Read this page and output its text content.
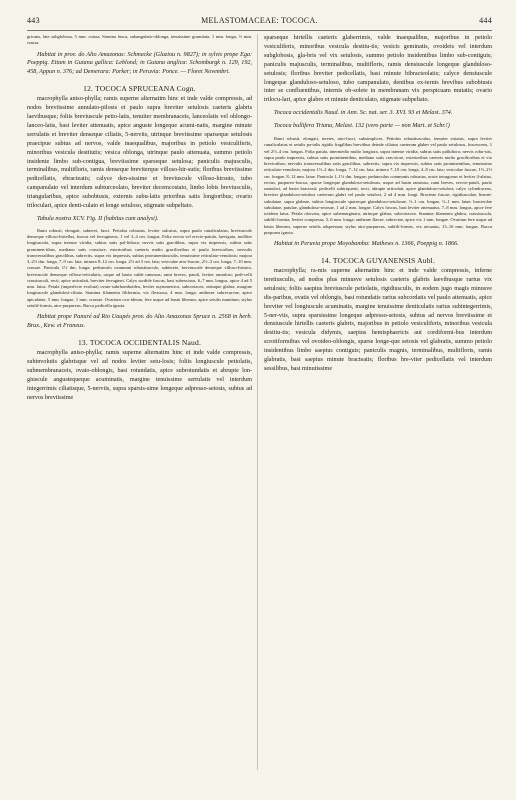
443	MELASTOMACEAE: TOCOCA.	444

gricans, late subglobosa, 5 mm. crassa. Semina fusca, subangulato-oblonga, tenuissime granulata, 1 mm. longa, ⅓ mm. crassa.

Habitat in prov. do Alto Amazonas: Schmecke (Glaziou n. 9827); in sylvis prope Ega: Poeppig. Etiam in Guiana gallica: Leblond; in Guiana anglica: Schomburgk n. 129, 192, 458, Appun n. 376; ad Demerara: Parker; in Peruvia: Ponce. — Floret Novembri.

12. TOCOCA SPRUCEANA Cogn.

macrophylla aniso-phylla; ramis superne alternatim hinc et inde valde compressis, ad nodos breviissime annulato-pilosis et paulo supra breviter setulosis caeteris glabris laevibusque; foliis breviuscule petio-latis, tenuiter membranaceis, lanceolatis vel oblongo-lanceo-latis, basi leviter attenuatis, apice anguste longeque acumi-natis, margine minute serrulatis et breviter denseque ciliatis, 5-nerviis, utrinque breviissime sparseque setulosis praecipue subtus ad nervos, valde inaequalibus, majoribus in petiolo vesiculiferis, minoribus vesicula destitutis; vesica oblonga, utrinque paulo attenuata, summo petiolo insidente limbo sub-contigua, breviissime sparseque setulosa; paniculis majusculis, terminalibus, multifloris, ramis denseque breviterque villoso-hir-sutis; floribus breviissime pedicellatis, ebracteatis; calyce den-sissime et breviuscule villoso-hirsuto, tubo campanulato vel interdum subturceolato, breviter decemcostato, limbo lobis breviusculis, triangularibus, apice subobtusis, externis subu-latis prioribus satis longioribus; ovario triloculari, apice denti-culato et longe setuloso, stigmate subpeltato.

Tabula nostra XCV. Fig. II (habitus cum analysi).

Rami robusti, elongati, subterei, fusci. Petiolus robustus, leviter sulcatus, supra paulo canaliculatus, breviuscule denseque villoso-hirtellus, fuscus vel ferrugineus, 1 vel 3–4 cm. longus. Folia erecta vel erecto-patula, laevigata, molliter longiuscula, supra intense viridia, subtus satis pal-lidiora; nervis satis gracilibus, supra vix impressis, subtus satis prominen-tibus, mediano satis crassiore, exterioribus caeteris multo gracilioribus et paulo brevioribus; nervulis transversalibus gracilibus, subrectis, supra vix impressis, subtus prominentiusculis, tenuissime reticulato-venulosis; majora 3–2½ dm. longa, 7–9 cm. lata, minora 8–12 cm. longa, 2½ ad 3 cm. lata; vesiculae atro-fuscae, 2½–3 cm. longa, 7–10 mm. crassae. Panicula 1½ dm. longa; pedunculo communi robustiusculo, subterete, breviuscule denseque villoso-hirsuto, breviuscule denseque villoso-reticulatis, usque ad basin valde ramosus; rami breves, patuli, leviter ramulosi; pedi-celli crassiusculi, recti, apice articulati, breviter ferruginei. Calyx sordide fuscus, basi subexcisus, 6–7 mm. longus, apice 4 ad 5 mm. latus. Petala (imperfecte evoluta) ovato-subrhomboidea, leviter asymmetrica, subcoriacea, utrinque glabra, margine longiuscule glandulosi-ciliata. Stamina filamenta filiformia, vix flexuosa, 4 mm. longa; antherae subrecurvae, apice apiculatae, 5 mm. longae, 1 mm. crassae. Ovarium ovo-ideum, fere usque ad basin liberum, apice setulis munitum; stylus setulif-formis, atro-purpureus. Bacca pedicella ignota.

Habitat prope Panuré ad Rio Uaupés prov. do Alto Amazonas Spruce n. 2568 in herb. Brux., Kew. et Franeus.

13. TOCOCA OCCIDENTALIS Naud.

macrophylla aniso-phylla; ramis superne alternatim hinc et inde valde compressis, subinvolutis glabrisque vel ad nodos leviter setu-losis; foliis longiuscule petiolatis, submembranaceis, ovato-oblongis, basi rotundatis, apice subrotundatis et abrupte lon-giuscule angustequeque acuminatis, margine tenuissime serrulatis vel interdum integerrimis ciliatisque, 5-nerviis, supra sparsis-sime longeque adpresso-setosis, subtus ad nervos breviissime

sparseque hirtellis caeteris glaberrimis, valde inaequalibus, majoribus in petiolo vesiculiferis, minoribus vesicula destitu-tis; vesicis geminatis, ovoideis vel interdum subglobosis, gla-bris vel vix setulosis, summo petiolo insidentibus limbo sub-contiguis; paniculis majusculis, terminalibus, multifloris, ramis densiuscule longeque glanduloso-setulosis; floribus breviter pedicellatis, basi minute bibracteolatis; calyce densiuscule longeque glanduloso-setuloso, tubo campanulato, dentibus ex-ternis brevibus subobtusis inter se confluentibus, internis ob-solete in membranam vix perspicuam mutatis; ovario trilocu-lari, apice glabro et minute denticulato, stigmate subpeltato.

Tococa occidentalis Naud. in Ann. Sc. nat. ser. 3. XVI. 93 et Melast. 374.

Tococa bullifera Triana, Melast. 132 (vero parte — non Mart. et Schr.!)

Rami robusti, elongati, teretes, atro-fusci, subsimplices. Petiolus robustiusculus, tenuiter striatus, supra leviter canaliculatus et setulis pa-tulis rigidis fragilibus breviibus deinde ciliatus caeterum glaber vel paulo setulosus, fuscescens, 1 vel 2½–4 cm. longus. Folia patula, intermedio multo longiora, supra intense viridia, subtus satis pallidiora; nervis robu-stis, supra paulo impressis, subtus satis prominentibus, mediano satis cras-siore, exterioribus caeteris multo gracilioribus et vix brevioribus; nervulis transversalibus satis gracilibus, subrectis, supra vix impressis, subtus satis prominentibus, tenuissime reticulato-venulosis; majora 1½–2 dm. longa, 7–12 cm. lata, minora 7–10 cm. longa, 4–8 cm. lata; vesiculae fuscae, 1½–2½ cm. longae, 8–12 mm. latae. Panicula 1–1½ dm. longae; pedunculus communis robustus, acute tetragonus et leviter 4-alatus, rectus, purpureo-fuscus, sparse longeque glanduloso-setulosus, usque ad basin ramosus; rami breves, erecto-patuli, paulo ramulosi, ad basin bracteati; pedicelli subtriquetri, recti, abrupte articulati, apice glanduloso-setulosi; calyx cylindraceus, breviter glanduloso-setulosi caeterum glabri vel paulo setulosi, 2 ad 4 mm. longi. Bracteae fuscae, rigidiusculae, lineari-subulatae, supra glabrae, subtus longiuscule sparseque glanduloso-setulosae, ½–1 cm. longae, ½–1 mm. latae; bracteolae subulatae, patulae, glanduloso-setosae, 1 ad 2 mm. longae. Calyx fuscus, basi leviter attenuatus, 7–8 mm. longus, apice fere totidem latus. Petala obovata, apice subemarginata, utrinque glabra, subcoriacea. Stamina filamenta glabra, crassiuscula, subfili-formia, leviter compressa, 5–6 mm. longa; antherae flavae, subrectae, apice vix 1 mm. longae. Ovarium fere usque ad basin liberum, superne setulis adspersum; stylus atro-purpureus, subfili-formis, vix arcuatus, 15–16 mm. longus. Bacca purpurea ignota.

Habitat in Peruvia prope Moyobamba: Mathews n. 1366, Poeppig n. 1866.

14. TOCOCA GUYANENSIS Aubl.

macrophylla; ra-mis superne alternatim hinc et inde valde compressis, inferne teretiusculis, ad nodos plus minusve setulosis caeteris glabris laevibusque rarius vix setulosis; foliis saepius breviuscule petiolatis, rigidiusculis, in eodem jugo magis minusve dis-paribus, ovatis vel oblongis, basi rotundatis rarius subcordatis vel paulo attenuatis, apice breviter vel longiuscule acuminatis, margine tenuissime denticulatis rarius subintegerrimis, 5-ner-viis, supra sparsissime longeque adpresso-setosis, subtus ad nervos breviissime et densiuscule hirtellis caeteris glabris, majoribus in petiolo vesiculiferis, minoribus vesicula destitu-tis; vesicula didymis, saepius hemisphaericis aut cordiformi-bus interdum scrotiformibus vel ovoideo-oblongis, sparse longe-que setosis vel glabratis, summo petiolo insidentibus limbo saepius contiguis; paniculis magnis, terminalibus, multifloris, ramis glabratis, basi saepius minute bracteatis; floribus bre-viter pedicellatis vel interdum sessilibus, basi minutissime
